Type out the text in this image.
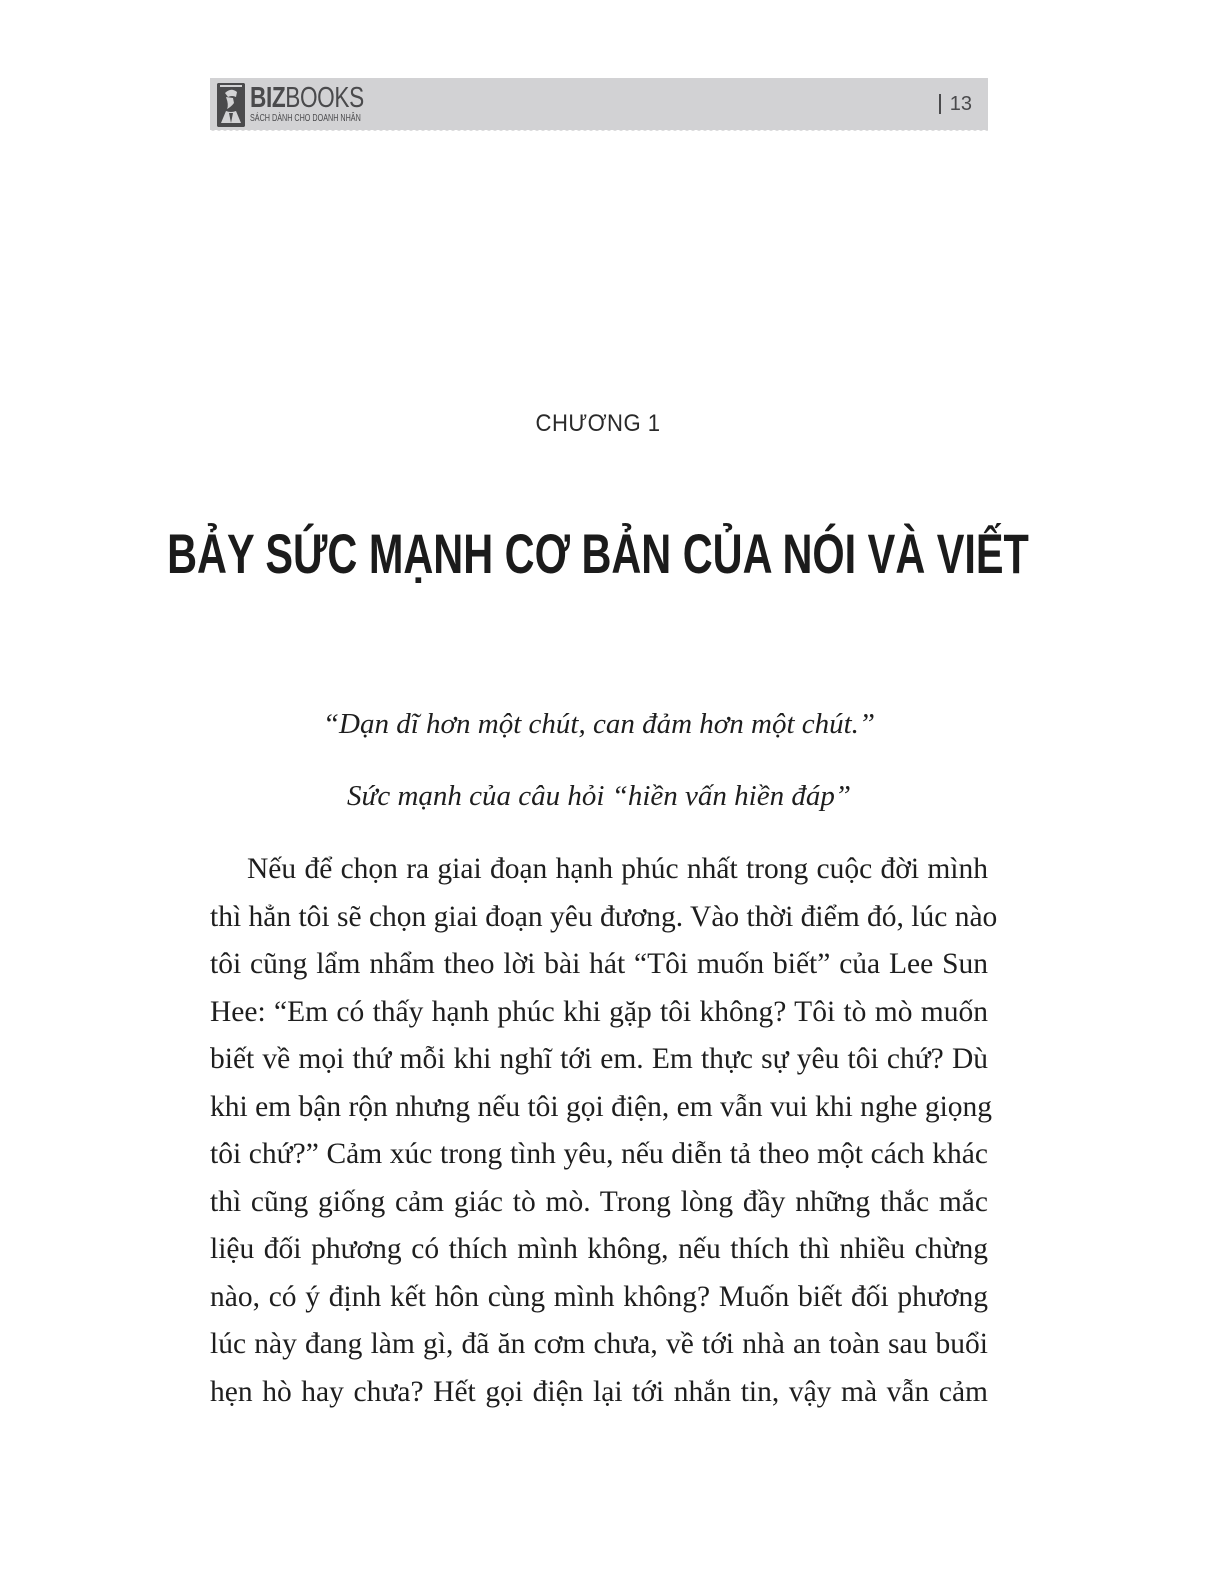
BIZBOOKS
SÁCH DÀNH CHO DOANH NHÂN
13
CHƯƠNG 1
BẢY SỨC MẠNH CƠ BẢN CỦA NÓI VÀ VIẾT
“Dạn dĩ hơn một chút, can đảm hơn một chút.”
Sức mạnh của câu hỏi “hiền vấn hiền đáp”
Nếu để chọn ra giai đoạn hạnh phúc nhất trong cuộc đời mình
thì hẳn tôi sẽ chọn giai đoạn yêu đương. Vào thời điểm đó, lúc nào
tôi cũng lẩm nhẩm theo lời bài hát “Tôi muốn biết” của Lee Sun
Hee: “Em có thấy hạnh phúc khi gặp tôi không? Tôi tò mò muốn
biết về mọi thứ mỗi khi nghĩ tới em. Em thực sự yêu tôi chứ? Dù
khi em bận rộn nhưng nếu tôi gọi điện, em vẫn vui khi nghe giọng
tôi chứ?” Cảm xúc trong tình yêu, nếu diễn tả theo một cách khác
thì cũng giống cảm giác tò mò. Trong lòng đầy những thắc mắc
liệu đối phương có thích mình không, nếu thích thì nhiều chừng
nào, có ý định kết hôn cùng mình không? Muốn biết đối phương
lúc này đang làm gì, đã ăn cơm chưa, về tới nhà an toàn sau buổi
hẹn hò hay chưa? Hết gọi điện lại tới nhắn tin, vậy mà vẫn cảm
